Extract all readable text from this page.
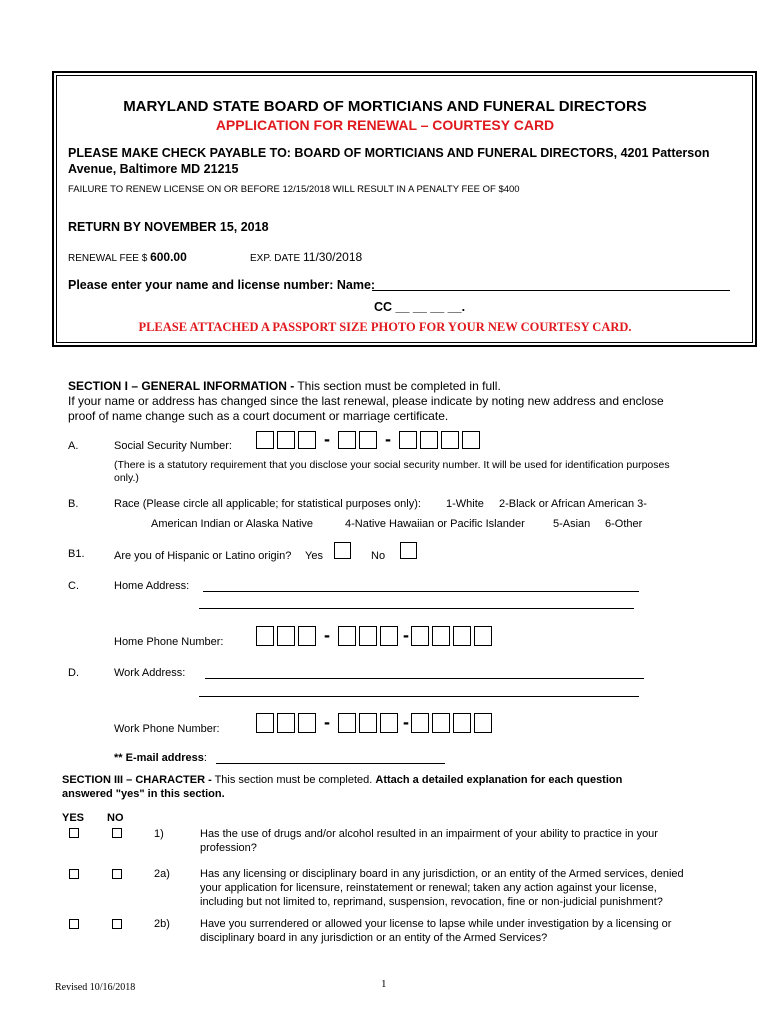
MARYLAND STATE BOARD OF MORTICIANS AND FUNERAL DIRECTORS
APPLICATION FOR RENEWAL – COURTESY CARD
PLEASE MAKE CHECK PAYABLE TO: BOARD OF MORTICIANS AND FUNERAL DIRECTORS, 4201 Patterson
Avenue, Baltimore MD 21215
FAILURE TO RENEW LICENSE ON OR BEFORE 12/15/2018 WILL RESULT IN A PENALTY FEE OF $400
RETURN BY NOVEMBER 15, 2018
RENEWAL FEE $ 600.00	EXP. DATE 11/30/2018
Please enter your name and license number: Name:
CC __ __ __ __.
PLEASE ATTACHED A PASSPORT SIZE PHOTO FOR YOUR NEW COURTESY CARD.
SECTION I – GENERAL INFORMATION - This section must be completed in full.
If your name or address has changed since the last renewal, please indicate by noting new address and enclose
proof of name change such as a court document or marriage certificate.
A.	Social Security Number:	-	-
(There is a statutory requirement that you disclose your social security number. It will be used for identification purposes
only.)
B.	Race (Please circle all applicable; for statistical purposes only): 1-White 2-Black or African American 3-
American Indian or Alaska Native	4-Native Hawaiian or Pacific Islander	5-Asian 6-Other
B1.	Are you of Hispanic or Latino origin? Yes	No
C.	Home Address:
Home Phone Number:	-	-
D.	Work Address:
Work Phone Number:	-	-
** E-mail address:
SECTION III – CHARACTER - This section must be completed. Attach a detailed explanation for each question
answered "yes" in this section.
YES NO
1)	Has the use of drugs and/or alcohol resulted in an impairment of your ability to practice in your
profession?
2a)	Has any licensing or disciplinary board in any jurisdiction, or an entity of the Armed services, denied
your application for licensure, reinstatement or renewal; taken any action against your license,
including but not limited to, reprimand, suspension, revocation, fine or non-judicial punishment?
2b)	Have you surrendered or allowed your license to lapse while under investigation by a licensing or
disciplinary board in any jurisdiction or an entity of the Armed Services?
Revised 10/16/2018	1
